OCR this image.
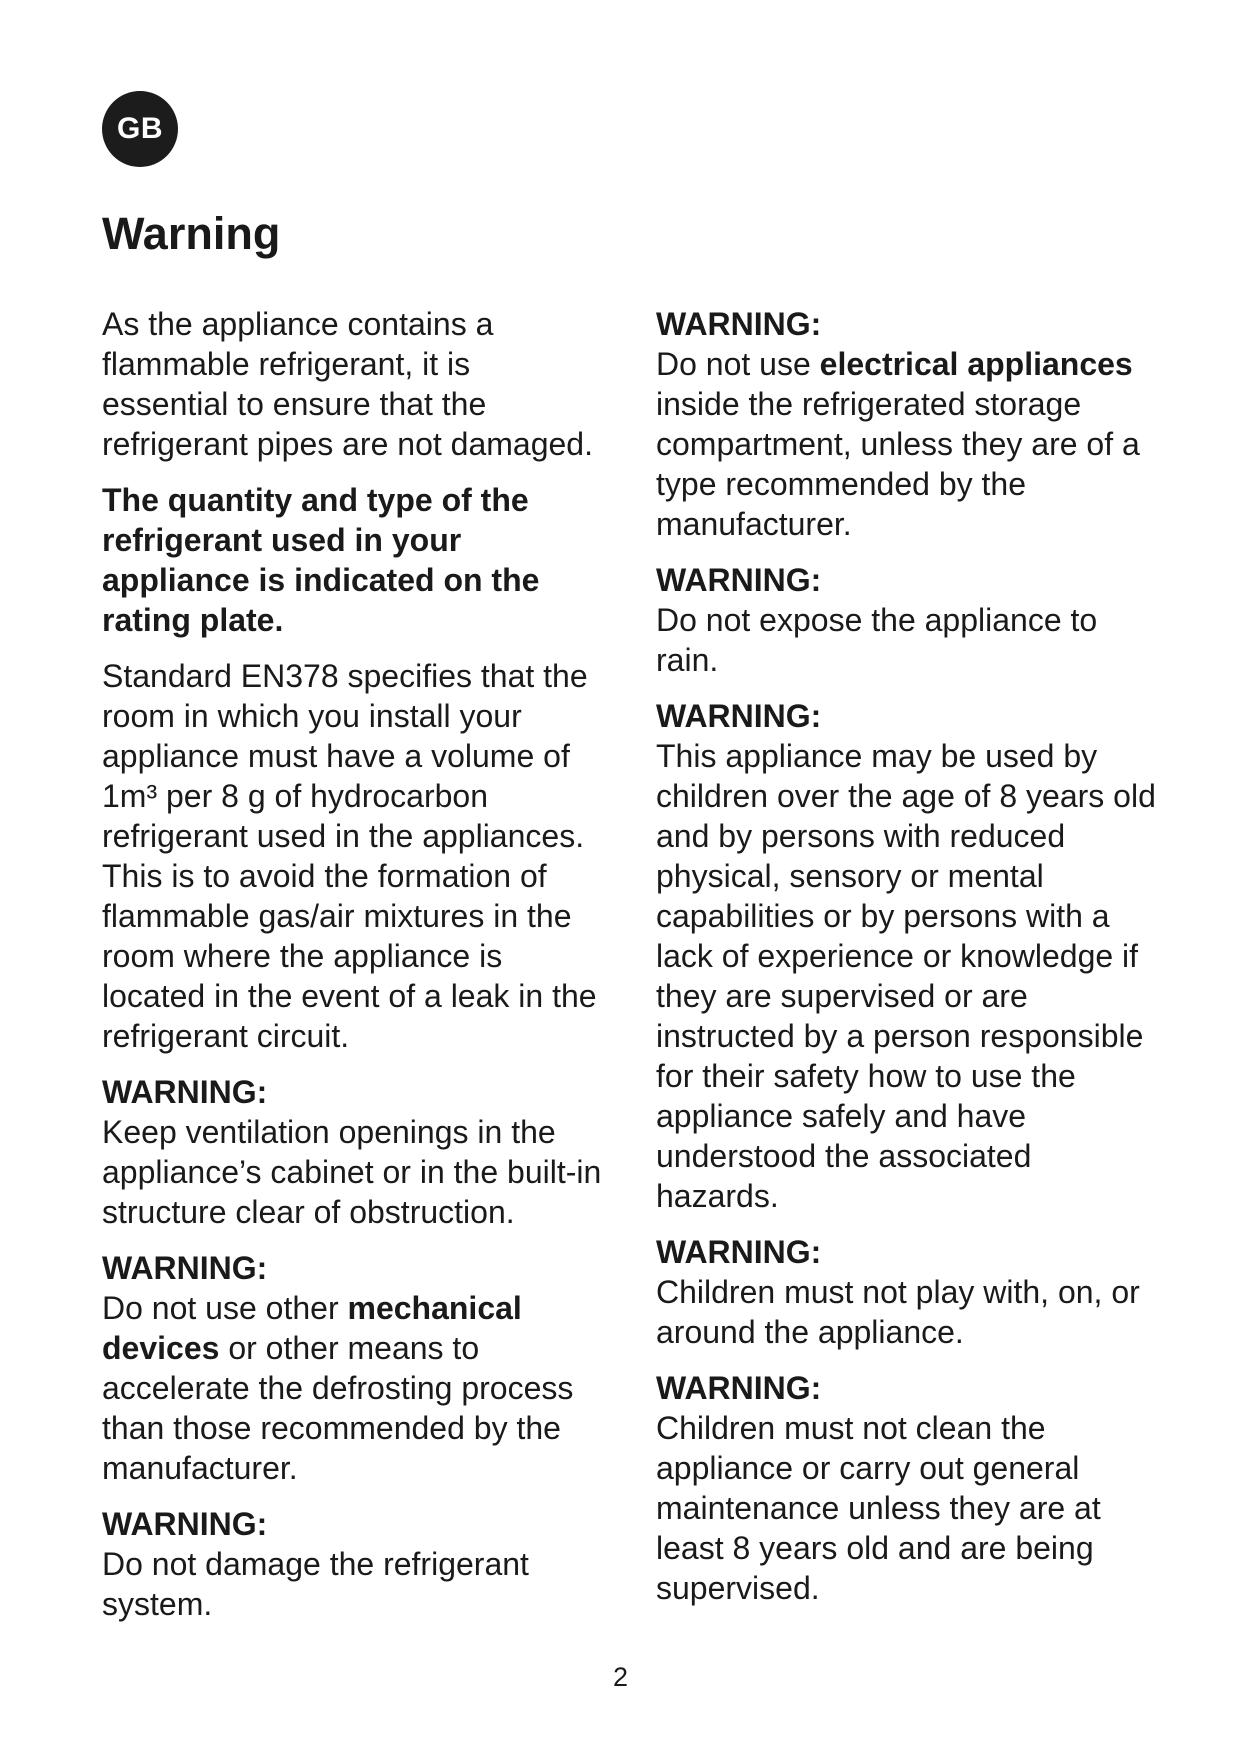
GB
Warning

As the appliance contains a flammable refrigerant, it is essential to ensure that the refrigerant pipes are not damaged.

The quantity and type of the refrigerant used in your appliance is indicated on the rating plate.

Standard EN378 specifies that the room in which you install your appliance must have a volume of 1m³ per 8 g of hydrocarbon refrigerant used in the appliances. This is to avoid the formation of flammable gas/air mixtures in the room where the appliance is located in the event of a leak in the refrigerant circuit.

WARNING:
Keep ventilation openings in the appliance’s cabinet or in the built-in structure clear of obstruction.

WARNING:
Do not use other mechanical devices or other means to accelerate the defrosting process than those recommended by the manufacturer.

WARNING:
Do not damage the refrigerant system.

WARNING:
Do not use electrical appliances inside the refrigerated storage compartment, unless they are of a type recommended by the manufacturer.

WARNING:
Do not expose the appliance to rain.

WARNING:
This appliance may be used by children over the age of 8 years old and by persons with reduced physical, sensory or mental capabilities or by persons with a lack of experience or knowledge if they are supervised or are instructed by a person responsible for their safety how to use the appliance safely and have understood the associated hazards.

WARNING:
Children must not play with, on, or around the appliance.

WARNING:
Children must not clean the appliance or carry out general maintenance unless they are at least 8 years old and are being supervised.

2
